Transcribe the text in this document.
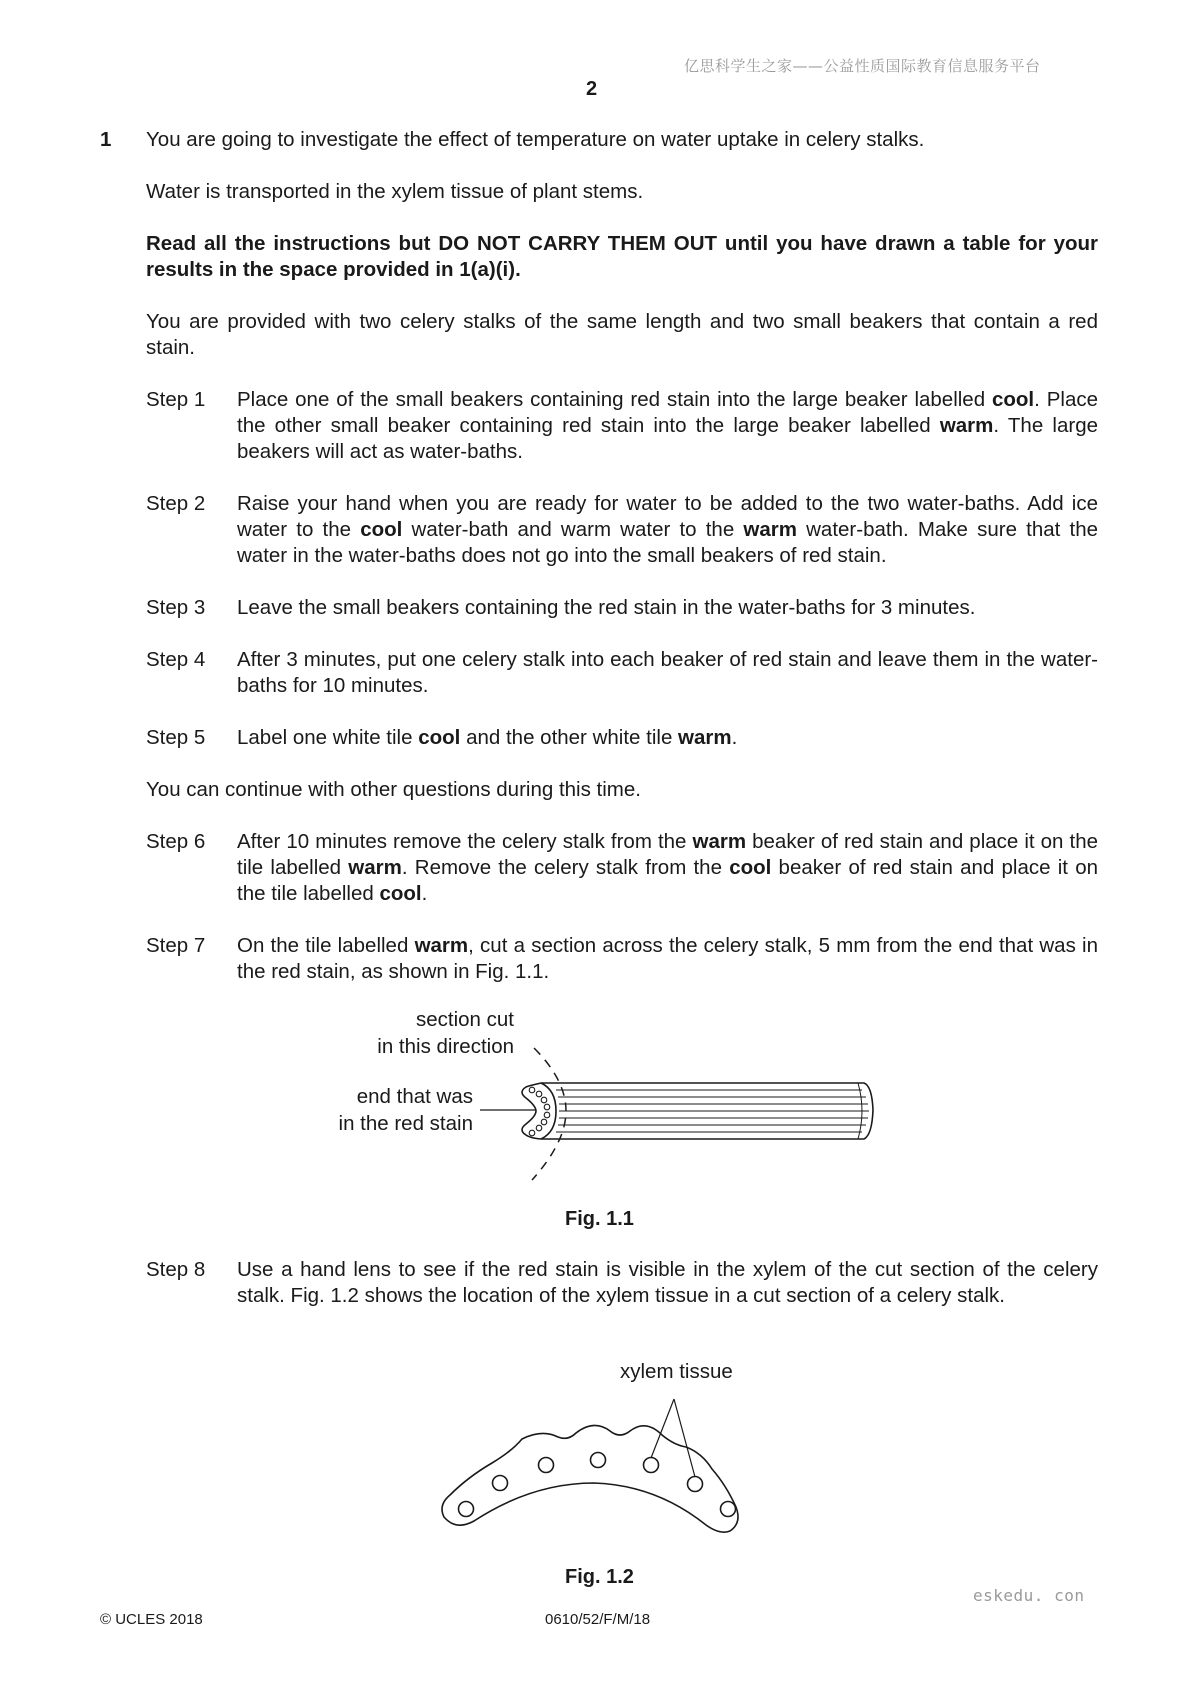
亿思科学生之家——公益性质国际教育信息服务平台
2
1 You are going to investigate the effect of temperature on water uptake in celery stalks.
Water is transported in the xylem tissue of plant stems.
Read all the instructions but DO NOT CARRY THEM OUT until you have drawn a table for your results in the space provided in 1(a)(i).
You are provided with two celery stalks of the same length and two small beakers that contain a red stain.
Step 1 Place one of the small beakers containing red stain into the large beaker labelled cool. Place the other small beaker containing red stain into the large beaker labelled warm. The large beakers will act as water-baths.
Step 2 Raise your hand when you are ready for water to be added to the two water-baths. Add ice water to the cool water-bath and warm water to the warm water-bath. Make sure that the water in the water-baths does not go into the small beakers of red stain.
Step 3 Leave the small beakers containing the red stain in the water-baths for 3 minutes.
Step 4 After 3 minutes, put one celery stalk into each beaker of red stain and leave them in the water-baths for 10 minutes.
Step 5 Label one white tile cool and the other white tile warm.
You can continue with other questions during this time.
Step 6 After 10 minutes remove the celery stalk from the warm beaker of red stain and place it on the tile labelled warm. Remove the celery stalk from the cool beaker of red stain and place it on the tile labelled cool.
Step 7 On the tile labelled warm, cut a section across the celery stalk, 5 mm from the end that was in the red stain, as shown in Fig. 1.1.
section cut
in this direction
end that was
in the red stain
Fig. 1.1
Step 8 Use a hand lens to see if the red stain is visible in the xylem of the cut section of the celery stalk. Fig. 1.2 shows the location of the xylem tissue in a cut section of a celery stalk.
xylem tissue
Fig. 1.2
eskedu. con
© UCLES 2018	0610/52/F/M/18
